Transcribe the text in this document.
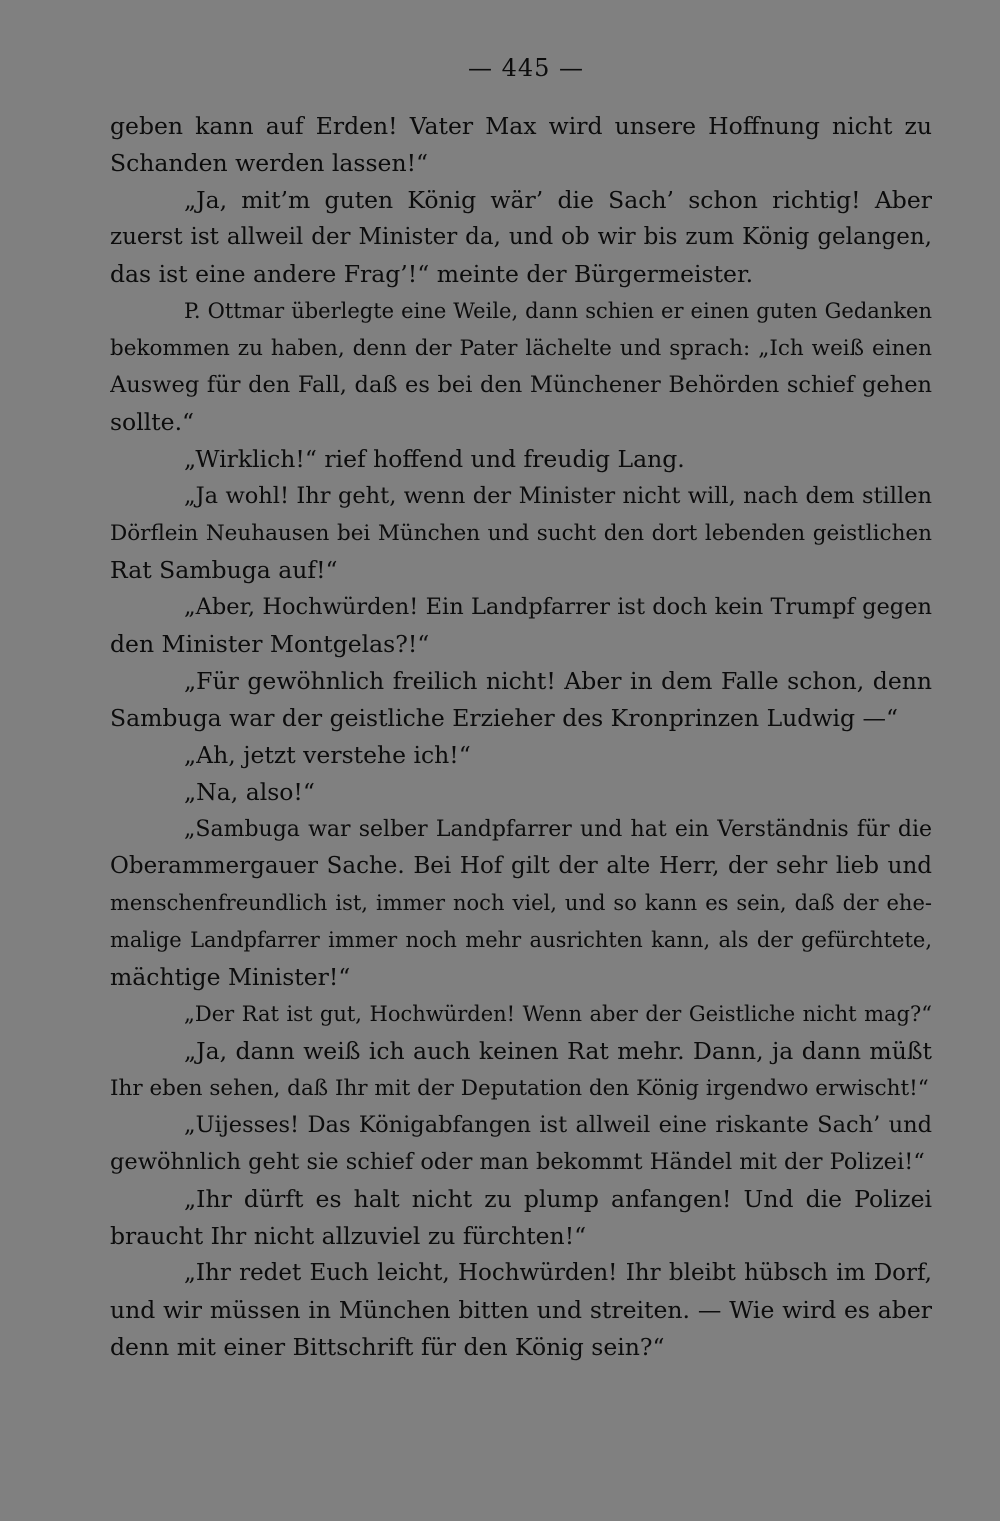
— 445 —
geben kann auf Erden! Vater Max wird unsere Hoffnung nicht zu
Schanden werden lassen!“
„Ja, mit’m guten König wär’ die Sach’ schon richtig! Aber
zuerst ist allweil der Minister da, und ob wir bis zum König gelangen,
das ist eine andere Frag’!“ meinte der Bürgermeister.
P. Ottmar überlegte eine Weile, dann schien er einen guten Gedanken
bekommen zu haben, denn der Pater lächelte und sprach: „Ich weiß einen
Ausweg für den Fall, daß es bei den Münchener Behörden schief gehen
sollte.“
„Wirklich!“ rief hoffend und freudig Lang.
„Ja wohl! Ihr geht, wenn der Minister nicht will, nach dem stillen
Dörflein Neuhausen bei München und sucht den dort lebenden geistlichen
Rat Sambuga auf!“
„Aber, Hochwürden! Ein Landpfarrer ist doch kein Trumpf gegen
den Minister Montgelas?!“
„Für gewöhnlich freilich nicht! Aber in dem Falle schon, denn
Sambuga war der geistliche Erzieher des Kronprinzen Ludwig —“
„Ah, jetzt verstehe ich!“
„Na, also!“
„Sambuga war selber Landpfarrer und hat ein Verständnis für die
Oberammergauer Sache. Bei Hof gilt der alte Herr, der sehr lieb und
menschenfreundlich ist, immer noch viel, und so kann es sein, daß der ehe-
malige Landpfarrer immer noch mehr ausrichten kann, als der gefürchtete,
mächtige Minister!“
„Der Rat ist gut, Hochwürden! Wenn aber der Geistliche nicht mag?“
„Ja, dann weiß ich auch keinen Rat mehr. Dann, ja dann müßt
Ihr eben sehen, daß Ihr mit der Deputation den König irgendwo erwischt!“
„Uijesses! Das Königabfangen ist allweil eine riskante Sach’ und
gewöhnlich geht sie schief oder man bekommt Händel mit der Polizei!“
„Ihr dürft es halt nicht zu plump anfangen! Und die Polizei
braucht Ihr nicht allzuviel zu fürchten!“
„Ihr redet Euch leicht, Hochwürden! Ihr bleibt hübsch im Dorf,
und wir müssen in München bitten und streiten. — Wie wird es aber
denn mit einer Bittschrift für den König sein?“
